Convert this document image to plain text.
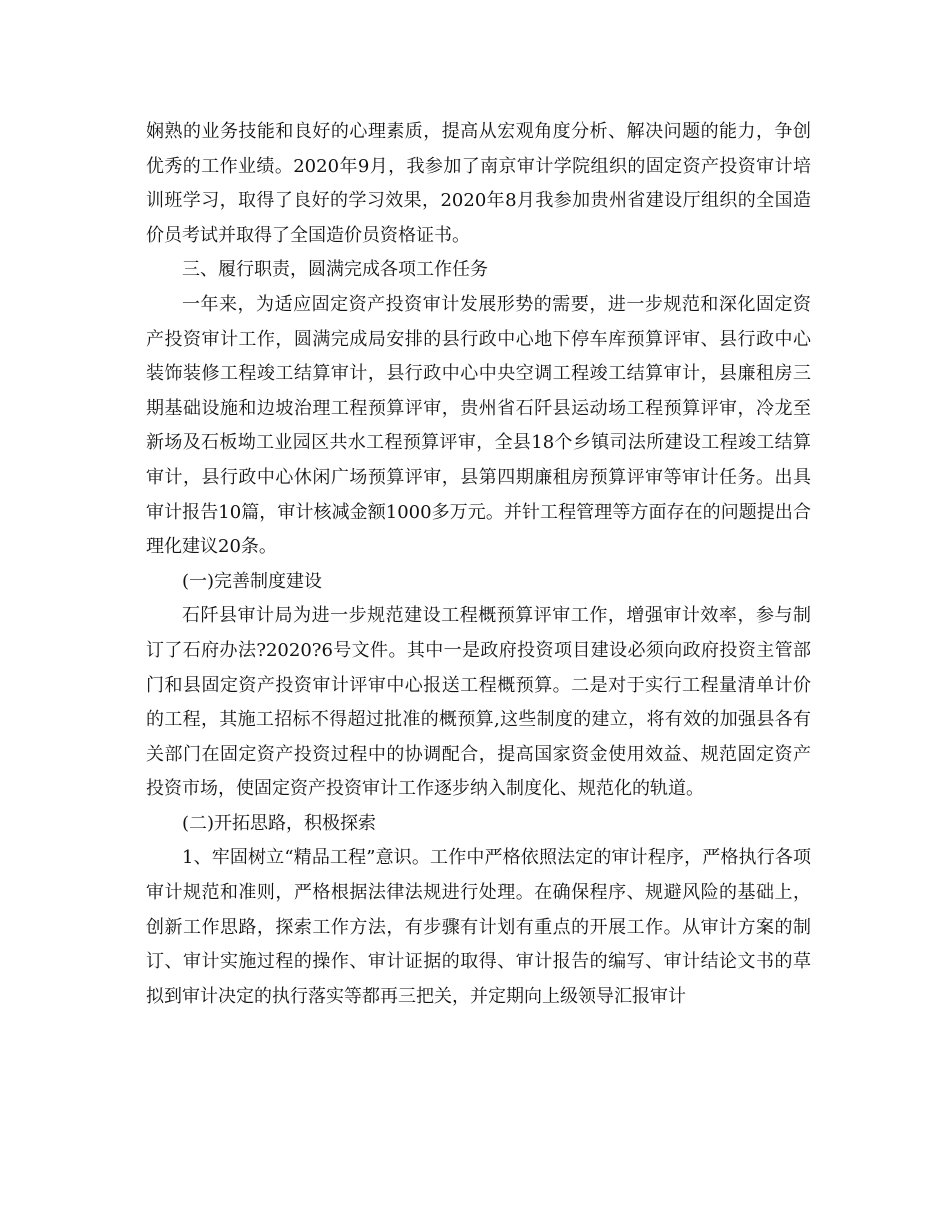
娴熟的业务技能和良好的心理素质，提高从宏观角度分析、解决问题的能力，争创优秀的工作业绩。2020年9月，我参加了南京审计学院组织的固定资产投资审计培训班学习，取得了良好的学习效果，2020年8月我参加贵州省建设厅组织的全国造价员考试并取得了全国造价员资格证书。

三、履行职责，圆满完成各项工作任务

一年来，为适应固定资产投资审计发展形势的需要，进一步规范和深化固定资产投资审计工作，圆满完成局安排的县行政中心地下停车库预算评审、县行政中心装饰装修工程竣工结算审计，县行政中心中央空调工程竣工结算审计，县廉租房三期基础设施和边坡治理工程预算评审，贵州省石阡县运动场工程预算评审，冷龙至新场及石板坳工业园区共水工程预算评审，全县18个乡镇司法所建设工程竣工结算审计，县行政中心休闲广场预算评审，县第四期廉租房预算评审等审计任务。出具审计报告10篇，审计核减金额1000多万元。并针工程管理等方面存在的问题提出合理化建议20条。

(一)完善制度建设

石阡县审计局为进一步规范建设工程概预算评审工作，增强审计效率，参与制订了石府办法?2020?6号文件。其中一是政府投资项目建设必须向政府投资主管部门和县固定资产投资审计评审中心报送工程概预算。二是对于实行工程量清单计价的工程，其施工招标不得超过批准的概预算,这些制度的建立，将有效的加强县各有关部门在固定资产投资过程中的协调配合，提高国家资金使用效益、规范固定资产投资市场，使固定资产投资审计工作逐步纳入制度化、规范化的轨道。

(二)开拓思路，积极探索

1、牢固树立“精品工程”意识。工作中严格依照法定的审计程序，严格执行各项审计规范和准则，严格根据法律法规进行处理。在确保程序、规避风险的基础上，创新工作思路，探索工作方法，有步骤有计划有重点的开展工作。从审计方案的制订、审计实施过程的操作、审计证据的取得、审计报告的编写、审计结论文书的草拟到审计决定的执行落实等都再三把关，并定期向上级领导汇报审计
